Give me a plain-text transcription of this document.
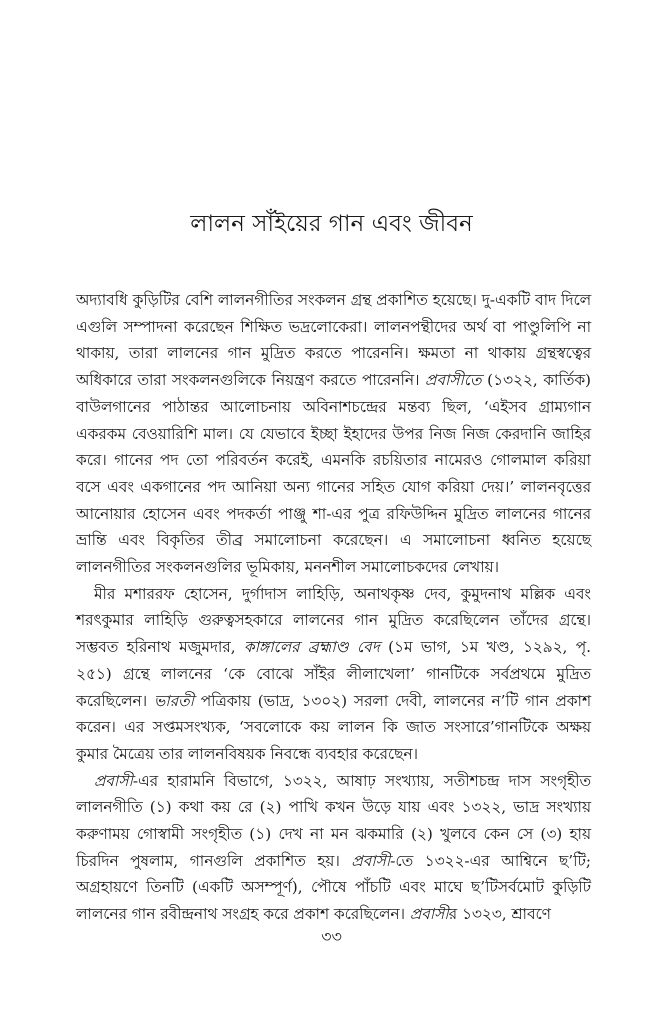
লালন সাঁইয়ের গান এবং জীবন

অদ্যাবধি কুড়িটির বেশি লালনগীতির সংকলন গ্রন্থ প্রকাশিত হয়েছে। দু-একটি বাদ দিলে এগুলি সম্পাদনা করেছেন শিক্ষিত ভদ্রলোকেরা। লালনপন্থীদের অর্থ বা পাণ্ডুলিপি না থাকায়, তারা লালনের গান মুদ্রিত করতে পারেননি। ক্ষমতা না থাকায় গ্রন্থস্বত্বের অধিকারে তারা সংকলনগুলিকে নিয়ন্ত্রণ করতে পারেননি। প্রবাসীতে (১৩২২, কার্তিক) বাউলগানের পাঠান্তর আলোচনায় অবিনাশচন্দ্রের মন্তব্য ছিল, ‘এইসব গ্রাম্যগান একরকম বেওয়ারিশি মাল। যে যেভাবে ইচ্ছা ইহাদের উপর নিজ নিজ কেরদানি জাহির করে। গানের পদ তো পরিবর্তন করেই, এমনকি রচয়িতার নামেরও গোলমাল করিয়া বসে এবং একগানের পদ আনিয়া অন্য গানের সহিত যোগ করিয়া দেয়।’ লালনবৃত্তের আনোয়ার হোসেন এবং পদকর্তা পাঞ্জু শা-এর পুত্র রফিউদ্দিন মুদ্রিত লালনের গানের ভ্রান্তি এবং বিকৃতির তীব্র সমালোচনা করেছেন। এ সমালোচনা ধ্বনিত হয়েছে লালনগীতির সংকলনগুলির ভূমিকায়, মননশীল সমালোচকদের লেখায়।

মীর মশাররফ হোসেন, দুর্গাদাস লাহিড়ি, অনাথকৃষ্ণ দেব, কুমুদনাথ মল্লিক এবং শরৎকুমার লাহিড়ি গুরুত্বসহকারে লালনের গান মুদ্রিত করেছিলেন তাঁদের গ্রন্থে। সম্ভবত হরিনাথ মজুমদার, কাঙ্গালের ব্রহ্মাণ্ড বেদ (১ম ভাগ, ১ম খণ্ড, ১২৯২, পৃ. ২৫১) গ্রন্থে লালনের ‘কে বোঝে সাঁইর লীলাখেলা’ গানটিকে সর্বপ্রথমে মুদ্রিত করেছিলেন। ভারতী পত্রিকায় (ভাদ্র, ১৩০২) সরলা দেবী, লালনের ন’টি গান প্রকাশ করেন। এর সপ্তমসংখ্যক, ‘সবলোকে কয় লালন কি জাত সংসারে’গানটিকে অক্ষয় কুমার মৈত্রেয় তার লালনবিষয়ক নিবন্ধে ব্যবহার করেছেন।

প্রবাসী-এর হারামনি বিভাগে, ১৩২২, আষাঢ় সংখ্যায়, সতীশচন্দ্র দাস সংগৃহীত লালনগীতি (১) কথা কয় রে (২) পাখি কখন উড়ে যায় এবং ১৩২২, ভাদ্র সংখ্যায় করুণাময় গোস্বামী সংগৃহীত (১) দেখ না মন ঝকমারি (২) খুলবে কেন সে (৩) হায় চিরদিন পুষলাম, গানগুলি প্রকাশিত হয়। প্রবাসী-তে ১৩২২-এর আশ্বিনে ছ’টি; অগ্রহায়ণে তিনটি (একটি অসম্পূর্ণ), পৌষে পাঁচটি এবং মাঘে ছ’টিসর্বমোট কুড়িটি লালনের গান রবীন্দ্রনাথ সংগ্রহ করে প্রকাশ করেছিলেন। প্রবাসীর ১৩২৩, শ্রাবণে

৩৩
